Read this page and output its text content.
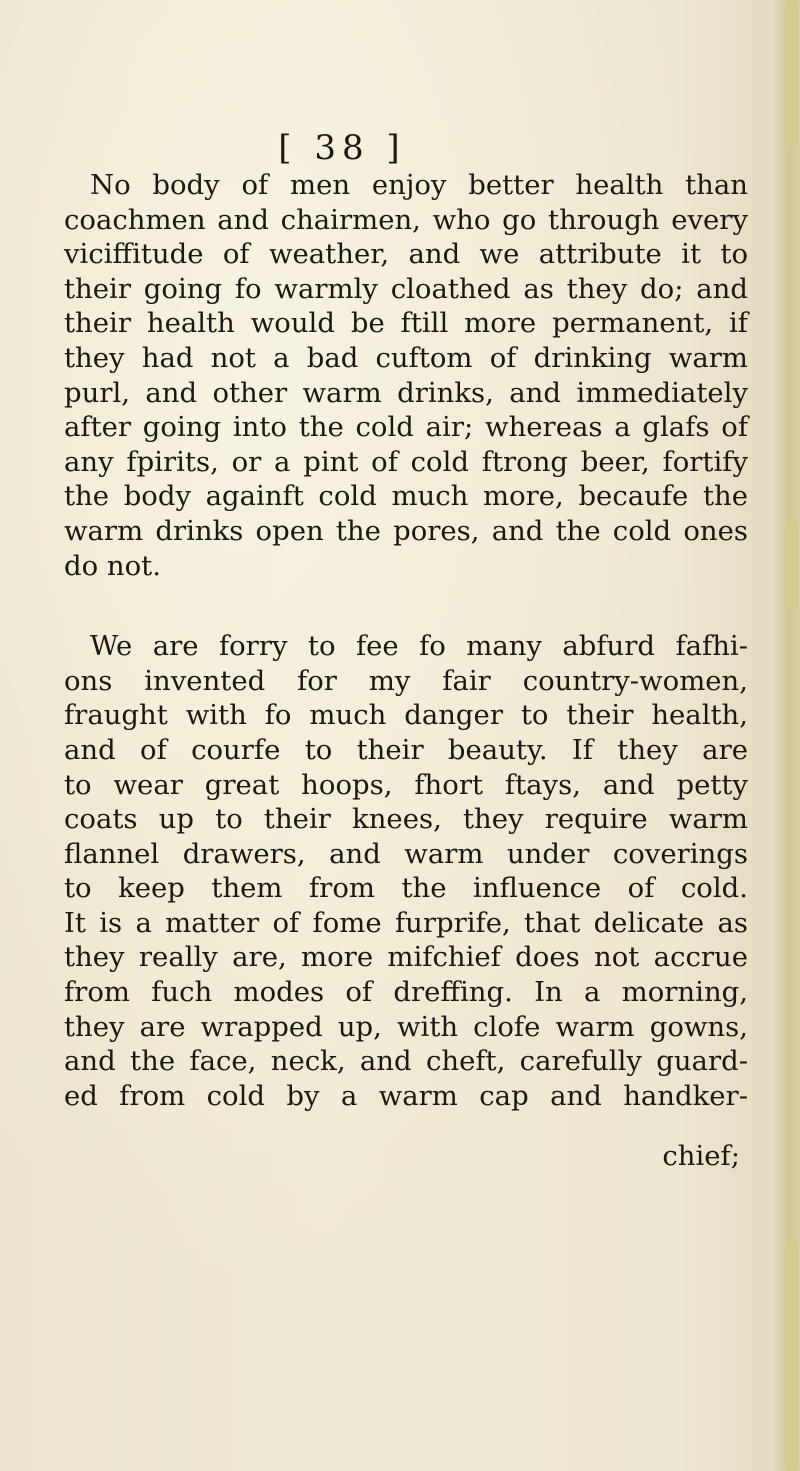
[ 38 ]
No body of men enjoy better health than
coachmen and chairmen, who go through every
viciffitude of weather, and we attribute it to
their going fo warmly cloathed as they do; and
their health would be ftill more permanent, if
they had not a bad cuftom of drinking warm
purl, and other warm drinks, and immediately
after going into the cold air; whereas a glafs of
any fpirits, or a pint of cold ftrong beer, fortify
the body againft cold much more, becaufe the
warm drinks open the pores, and the cold ones
do not.
We are forry to fee fo many abfurd fafhi-
ons invented for my fair country-women,
fraught with fo much danger to their health,
and of courfe to their beauty. If they are
to wear great hoops, fhort ftays, and petty
coats up to their knees, they require warm
flannel drawers, and warm under coverings
to keep them from the influence of cold.
It is a matter of fome furprife, that delicate as
they really are, more mifchief does not accrue
from fuch modes of dreffing. In a morning,
they are wrapped up, with clofe warm gowns,
and the face, neck, and cheft, carefully guard-
ed from cold by a warm cap and handker-
chief;
